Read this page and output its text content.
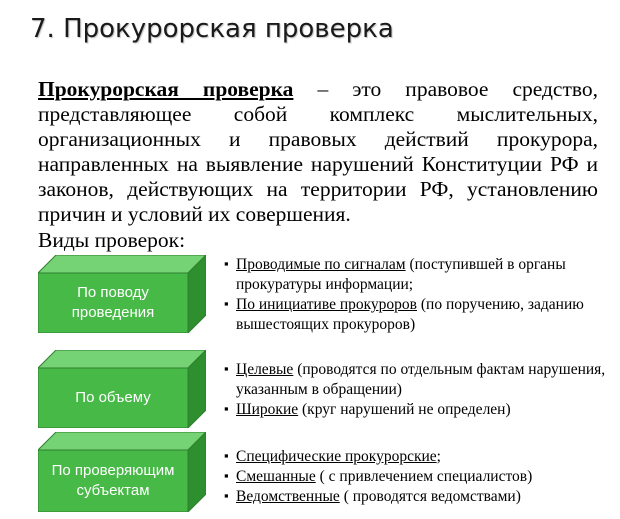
7. Прокурорская проверка
Прокурорская проверка – это правовое средство, представляющее собой комплекс мыслительных, организационных и правовых действий прокурора, направленных на выявление нарушений Конституции РФ и законов, действующих на территории РФ, установлению причин и условий их совершения.
Виды проверок:
По поводу проведения
▪ Проводимые по сигналам (поступившей в органы прокуратуры информации;
▪ По инициативе прокуроров (по поручению, заданию вышестоящих прокуроров)
По объему
▪ Целевые (проводятся по отдельным фактам нарушения, указанным в обращении)
▪ Широкие (круг нарушений не определен)
По проверяющим субъектам
▪ Специфические прокурорские;
▪ Смешанные ( с привлечением специалистов)
▪ Ведомственные ( проводятся ведомствами)
